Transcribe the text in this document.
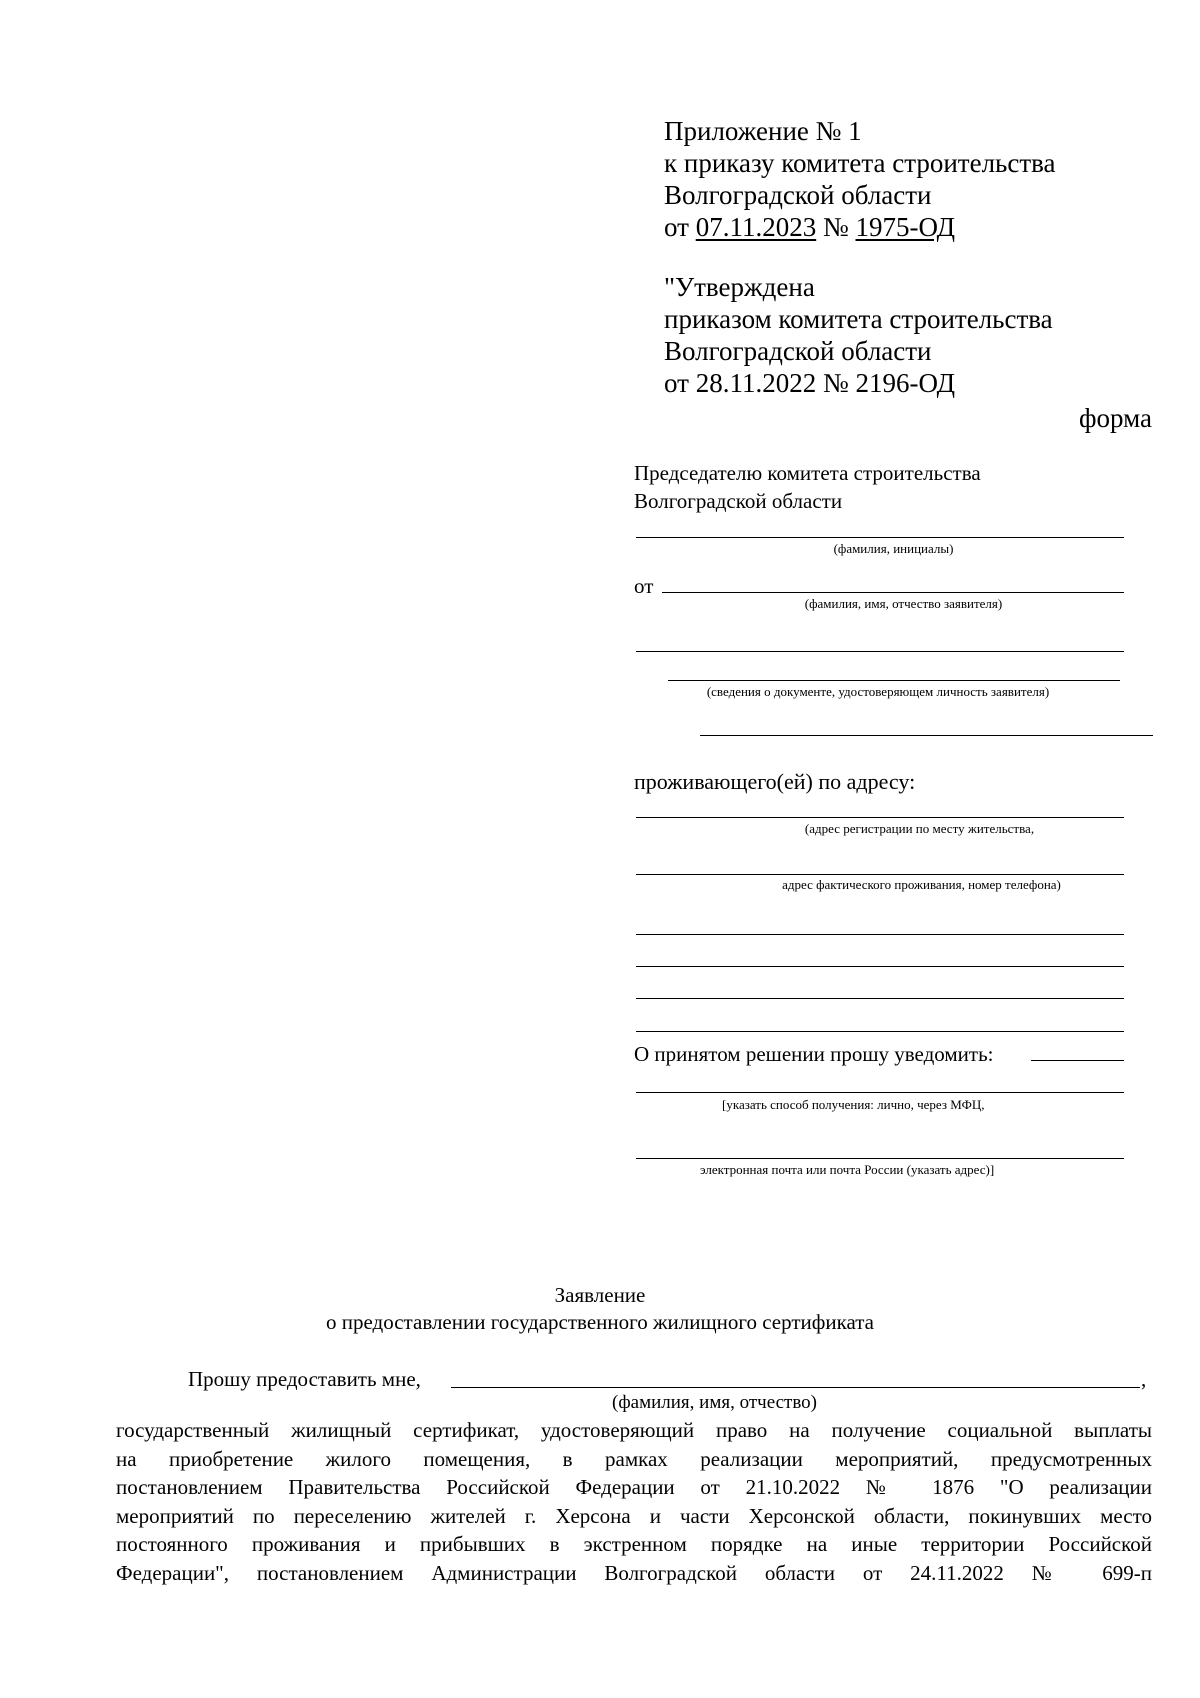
Приложение № 1
к приказу комитета строительства
Волгоградской области
от 07.11.2023 № 1975-ОД
"Утверждена
приказом комитета строительства
Волгоградской области
от 28.11.2022 № 2196-ОД
форма
Председателю комитета строительства
Волгоградской области
(фамилия, инициалы)
от
(фамилия, имя, отчество заявителя)
(сведения о документе, удостоверяющем личность заявителя)
проживающего(ей) по адресу:
(адрес регистрации по месту жительства,
адрес фактического проживания, номер телефона)
О принятом решении прошу уведомить:
[указать способ получения: лично, через МФЦ,
электронная почта или почта России (указать адрес)]
Заявление
о предоставлении государственного жилищного сертификата
Прошу предоставить мне,	,
(фамилия, имя, отчество)
государственный жилищный сертификат, удостоверяющий право на получение социальной выплаты
на приобретение жилого помещения, в рамках реализации мероприятий, предусмотренных
постановлением Правительства Российской Федерации от 21.10.2022 № 1876 "О реализации
мероприятий по переселению жителей г. Херсона и части Херсонской области, покинувших место
постоянного проживания и прибывших в экстренном порядке на иные территории Российской
Федерации", постановлением Администрации Волгоградской области от 24.11.2022 № 699-п
